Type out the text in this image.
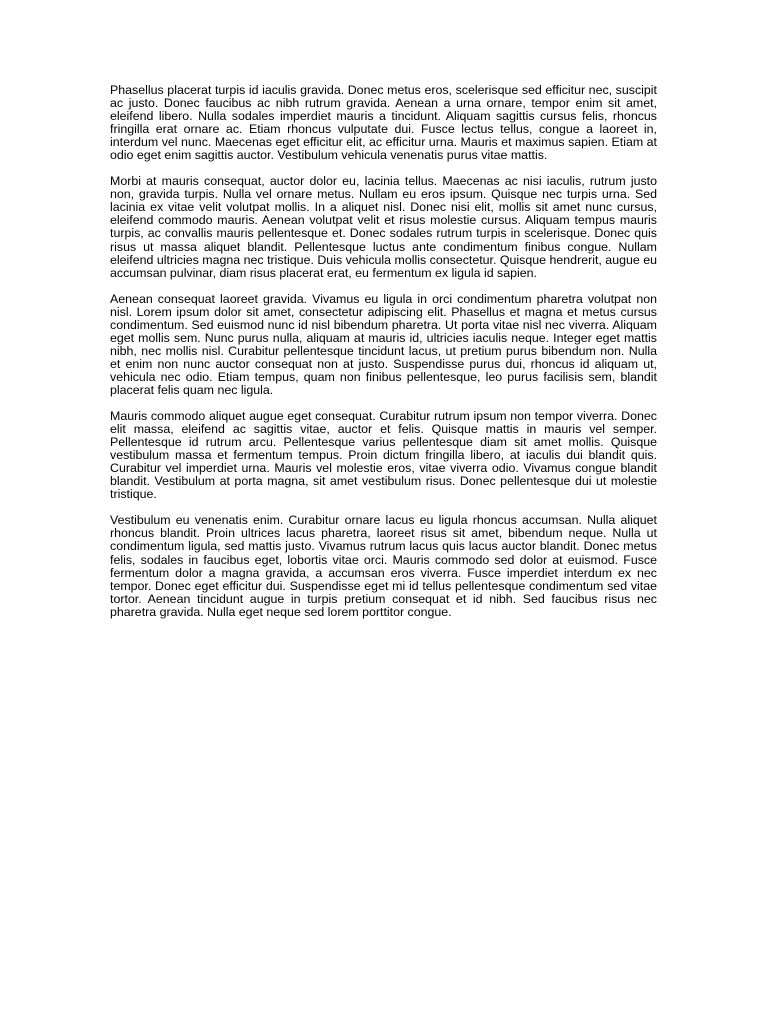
Phasellus placerat turpis id iaculis gravida. Donec metus eros, scelerisque sed efficitur nec, suscipit ac justo. Donec faucibus ac nibh rutrum gravida. Aenean a urna ornare, tempor enim sit amet, eleifend libero. Nulla sodales imperdiet mauris a tincidunt. Aliquam sagittis cursus felis, rhoncus fringilla erat ornare ac. Etiam rhoncus vulputate dui. Fusce lectus tellus, congue a laoreet in, interdum vel nunc. Maecenas eget efficitur elit, ac efficitur urna. Mauris et maximus sapien. Etiam at odio eget enim sagittis auctor. Vestibulum vehicula venenatis purus vitae mattis.

Morbi at mauris consequat, auctor dolor eu, lacinia tellus. Maecenas ac nisi iaculis, rutrum justo non, gravida turpis. Nulla vel ornare metus. Nullam eu eros ipsum. Quisque nec turpis urna. Sed lacinia ex vitae velit volutpat mollis. In a aliquet nisl. Donec nisi elit, mollis sit amet nunc cursus, eleifend commodo mauris. Aenean volutpat velit et risus molestie cursus. Aliquam tempus mauris turpis, ac convallis mauris pellentesque et. Donec sodales rutrum turpis in scelerisque. Donec quis risus ut massa aliquet blandit. Pellentesque luctus ante condimentum finibus congue. Nullam eleifend ultricies magna nec tristique. Duis vehicula mollis consectetur. Quisque hendrerit, augue eu accumsan pulvinar, diam risus placerat erat, eu fermentum ex ligula id sapien.

Aenean consequat laoreet gravida. Vivamus eu ligula in orci condimentum pharetra volutpat non nisl. Lorem ipsum dolor sit amet, consectetur adipiscing elit. Phasellus et magna et metus cursus condimentum. Sed euismod nunc id nisl bibendum pharetra. Ut porta vitae nisl nec viverra. Aliquam eget mollis sem. Nunc purus nulla, aliquam at mauris id, ultricies iaculis neque. Integer eget mattis nibh, nec mollis nisl. Curabitur pellentesque tincidunt lacus, ut pretium purus bibendum non. Nulla et enim non nunc auctor consequat non at justo. Suspendisse purus dui, rhoncus id aliquam ut, vehicula nec odio. Etiam tempus, quam non finibus pellentesque, leo purus facilisis sem, blandit placerat felis quam nec ligula.

Mauris commodo aliquet augue eget consequat. Curabitur rutrum ipsum non tempor viverra. Donec elit massa, eleifend ac sagittis vitae, auctor et felis. Quisque mattis in mauris vel semper. Pellentesque id rutrum arcu. Pellentesque varius pellentesque diam sit amet mollis. Quisque vestibulum massa et fermentum tempus. Proin dictum fringilla libero, at iaculis dui blandit quis. Curabitur vel imperdiet urna. Mauris vel molestie eros, vitae viverra odio. Vivamus congue blandit blandit. Vestibulum at porta magna, sit amet vestibulum risus. Donec pellentesque dui ut molestie tristique.

Vestibulum eu venenatis enim. Curabitur ornare lacus eu ligula rhoncus accumsan. Nulla aliquet rhoncus blandit. Proin ultrices lacus pharetra, laoreet risus sit amet, bibendum neque. Nulla ut condimentum ligula, sed mattis justo. Vivamus rutrum lacus quis lacus auctor blandit. Donec metus felis, sodales in faucibus eget, lobortis vitae orci. Mauris commodo sed dolor at euismod. Fusce fermentum dolor a magna gravida, a accumsan eros viverra. Fusce imperdiet interdum ex nec tempor. Donec eget efficitur dui. Suspendisse eget mi id tellus pellentesque condimentum sed vitae tortor. Aenean tincidunt augue in turpis pretium consequat et id nibh. Sed faucibus risus nec pharetra gravida. Nulla eget neque sed lorem porttitor congue.
